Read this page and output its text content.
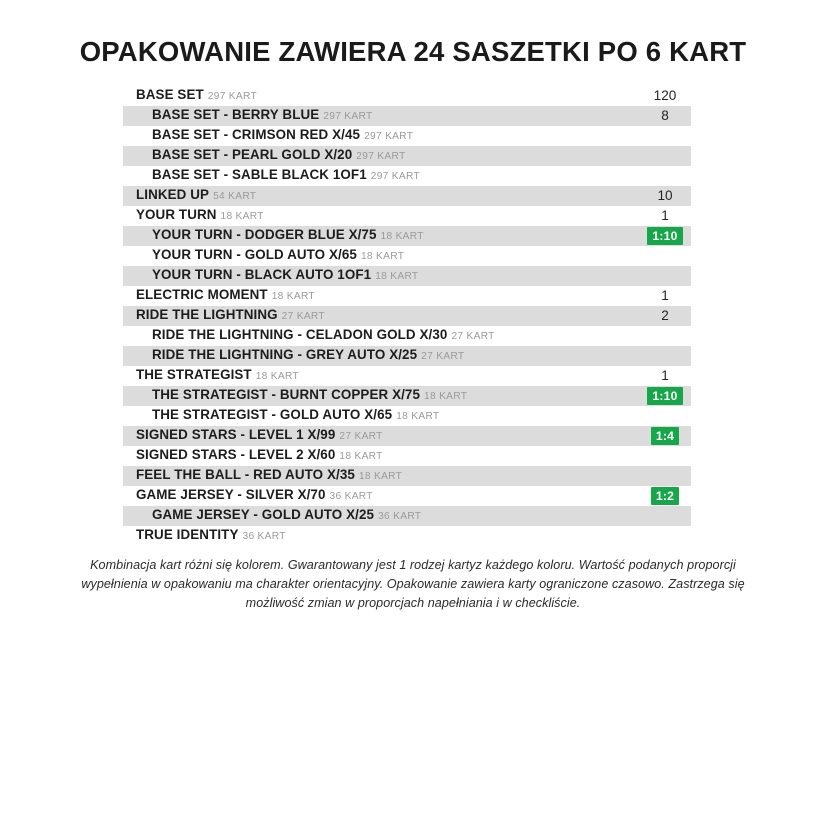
OPAKOWANIE ZAWIERA 24 SASZETKI PO 6 KART
BASE SET 297 KART	120
BASE SET - BERRY BLUE 297 KART	8
BASE SET - CRIMSON RED X/45 297 KART
BASE SET - PEARL GOLD X/20 297 KART
BASE SET - SABLE BLACK 1OF1 297 KART
LINKED UP 54 KART	10
YOUR TURN 18 KART	1
YOUR TURN - DODGER BLUE X/75 18 KART	1:10
YOUR TURN - GOLD AUTO X/65 18 KART
YOUR TURN - BLACK AUTO 1OF1 18 KART
ELECTRIC MOMENT 18 KART	1
RIDE THE LIGHTNING 27 KART	2
RIDE THE LIGHTNING - CELADON GOLD X/30 27 KART
RIDE THE LIGHTNING - GREY AUTO X/25 27 KART
THE STRATEGIST 18 KART	1
THE STRATEGIST - BURNT COPPER X/75 18 KART	1:10
THE STRATEGIST - GOLD AUTO X/65 18 KART
SIGNED STARS - LEVEL 1 X/99 27 KART	1:4
SIGNED STARS - LEVEL 2 X/60 18 KART
FEEL THE BALL - RED AUTO X/35 18 KART
GAME JERSEY - SILVER X/70 36 KART	1:2
GAME JERSEY - GOLD AUTO X/25 36 KART
TRUE IDENTITY 36 KART
Kombinacja kart różni się kolorem. Gwarantowany jest 1 rodzej kartyz każdego koloru. Wartość podanych proporcji wypełnienia w opakowaniu ma charakter orientacyjny. Opakowanie zawiera karty ograniczone czasowo. Zastrzega się możliwość zmian w proporcjach napełniania i w checkliście.
